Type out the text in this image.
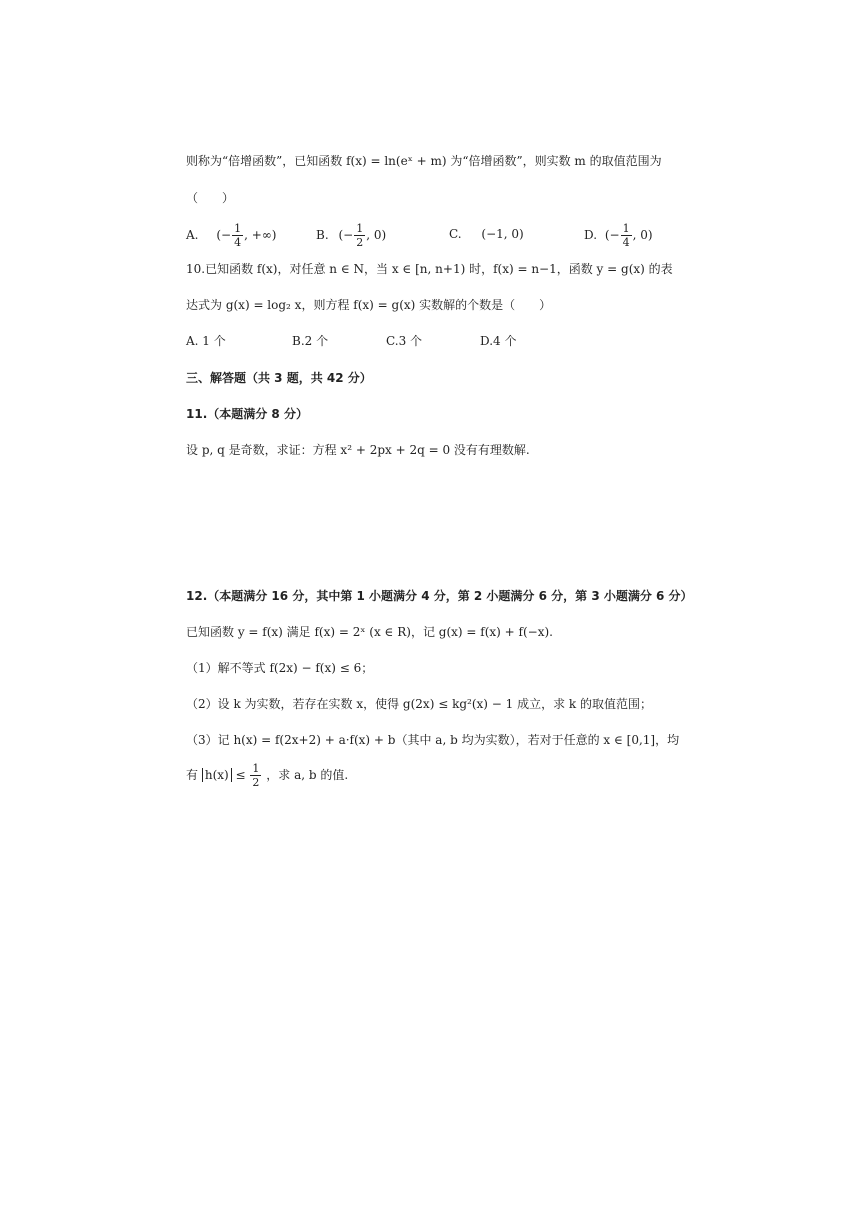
则称为“倍增函数”，已知函数 f(x) = ln(eˣ + m) 为“倍增函数”，则实数 m 的取值范围为
（　　）
A. (− $\frac{1}{4}$ , +∞)	B. (− $\frac{1}{2}$ , 0)	C. (−1, 0)	D. (− $\frac{1}{4}$ , 0)
10.已知函数 f(x)，对任意 n ∈ N，当 x ∈ [n, n+1) 时，f(x) = n−1，函数 y = g(x) 的表
达式为 g(x) = log₂ x，则方程 f(x) = g(x) 实数解的个数是（　　）
A. 1 个	B.2 个	C.3 个	D.4 个
三、解答题（共 3 题，共 42 分）
11.（本题满分 8 分）
设 p, q 是奇数，求证：方程 x² + 2px + 2q = 0 没有有理数解.
12.（本题满分 16 分，其中第 1 小题满分 4 分，第 2 小题满分 6 分，第 3 小题满分 6 分）
已知函数 y = f(x) 满足 f(x) = 2ˣ (x ∈ R)，记 g(x) = f(x) + f(−x).
（1）解不等式 f(2x) − f(x) ≤ 6；
（2）设 k 为实数，若存在实数 x，使得 g(2x) ≤ kg²(x) − 1 成立，求 k 的取值范围；
（3）记 h(x) = f(2x+2) + a·f(x) + b（其中 a, b 均为实数），若对于任意的 x ∈ [0,1]，均
有 $h(x) \le \frac{1}{2}$ ，求 a, b 的值.
